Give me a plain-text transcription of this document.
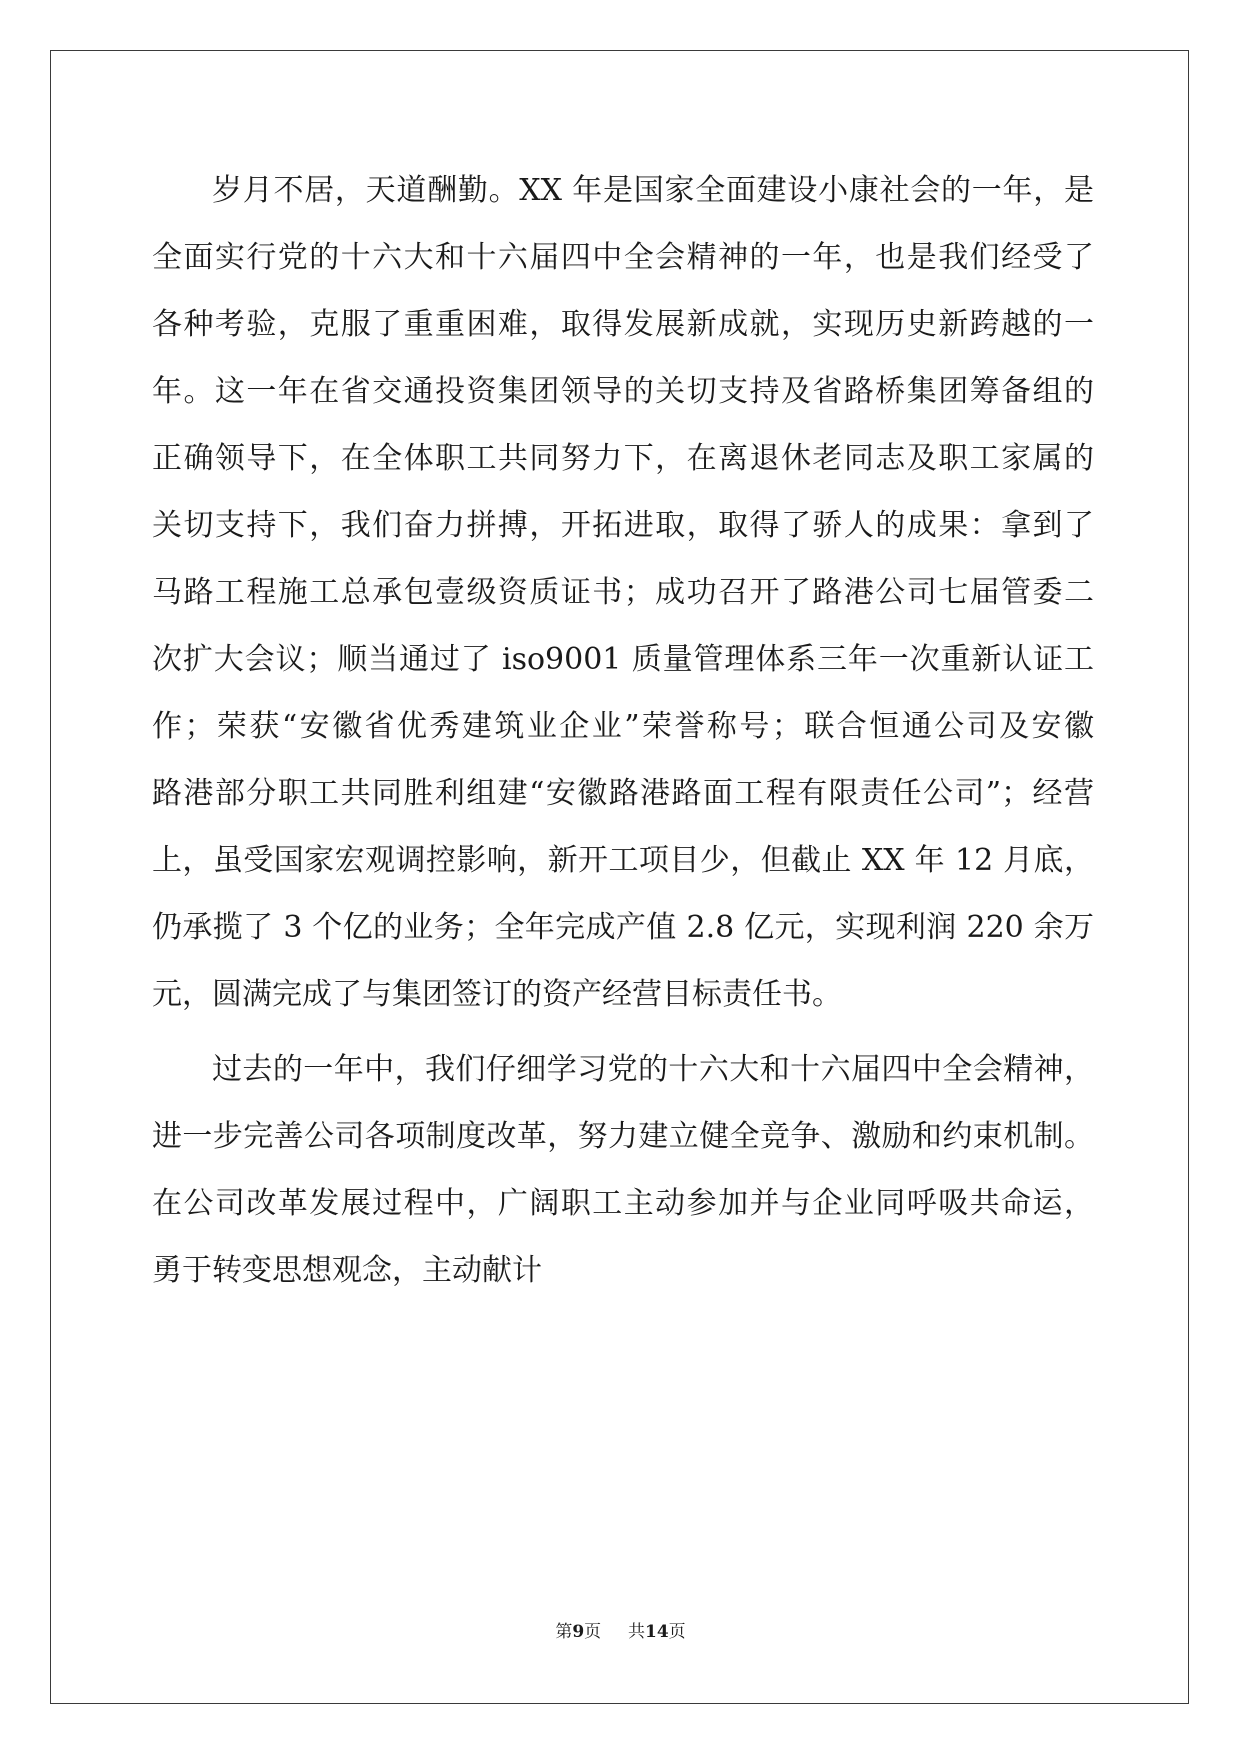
岁月不居，天道酬勤。XX 年是国家全面建设小康社会的一年，是
全面实行党的十六大和十六届四中全会精神的一年，也是我们经受了
各种考验，克服了重重困难，取得发展新成就，实现历史新跨越的一
年。这一年在省交通投资集团领导的关切支持及省路桥集团筹备组的
正确领导下，在全体职工共同努力下，在离退休老同志及职工家属的
关切支持下，我们奋力拼搏，开拓进取，取得了骄人的成果：拿到了
马路工程施工总承包壹级资质证书；成功召开了路港公司七届管委二
次扩大会议；顺当通过了 iso9001 质量管理体系三年一次重新认证工
作；荣获“安徽省优秀建筑业企业”荣誉称号；联合恒通公司及安徽
路港部分职工共同胜利组建“安徽路港路面工程有限责任公司”；经营
上，虽受国家宏观调控影响，新开工项目少，但截止 XX 年 12 月底，
仍承揽了 3 个亿的业务；全年完成产值 2.8 亿元，实现利润 220 余万
元，圆满完成了与集团签订的资产经营目标责任书。
过去的一年中，我们仔细学习党的十六大和十六届四中全会精神，
进一步完善公司各项制度改革，努力建立健全竞争、激励和约束机制。
在公司改革发展过程中，广阔职工主动参加并与企业同呼吸共命运，
勇于转变思想观念，主动献计
第9页 共14页
